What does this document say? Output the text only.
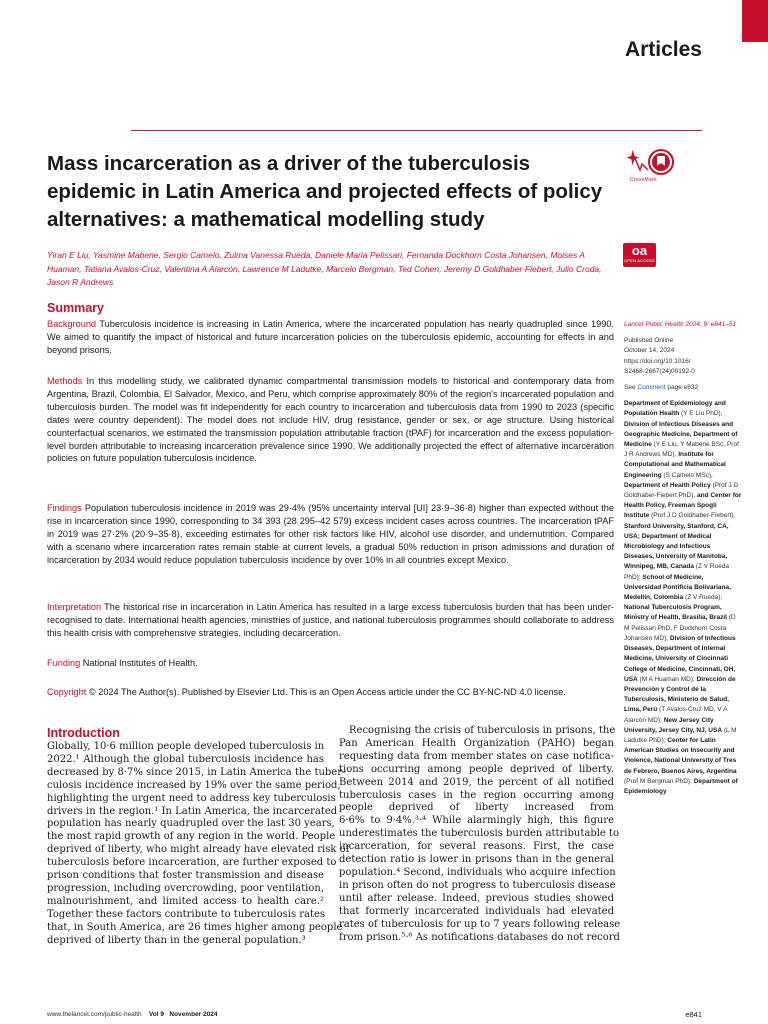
Articles
Mass incarceration as a driver of the tuberculosis epidemic in Latin America and projected effects of policy alternatives: a mathematical modelling study
CrossMark
oa
OPEN ACCESS

Yiran E Liu, Yasmine Mabene, Sergio Camelo, Zulma Vanessa Rueda, Daniele Maria Pelissari, Fernanda Dockhorn Costa Johansen, Moises A Huaman, Tatiana Avalos-Cruz, Valentina A Alarcón, Lawrence M Ladutke, Marcelo Bergman, Ted Cohen, Jeremy D Goldhaber-Fiebert, Julio Croda, Jason R Andrews

Summary

Background Tuberculosis incidence is increasing in Latin America, where the incarcerated population has nearly quadrupled since 1990. We aimed to quantify the impact of historical and future incarceration policies on the tuberculosis epidemic, accounting for effects in and beyond prisons.

Methods In this modelling study, we calibrated dynamic compartmental transmission models to historical and contemporary data from Argentina, Brazil, Colombia, El Salvador, Mexico, and Peru, which comprise approximately 80% of the region's incarcerated population and tuberculosis burden. The model was fit independently for each country to incarceration and tuberculosis data from 1990 to 2023 (specific dates were country dependent). The model does not include HIV, drug resistance, gender or sex, or age structure. Using historical counterfactual scenarios, we estimated the transmission population attributable fraction (tPAF) for incarceration and the excess population-level burden attributable to increasing incarceration prevalence since 1990. We additionally projected the effect of alternative incarceration policies on future population tuberculosis incidence.

Findings Population tuberculosis incidence in 2019 was 29·4% (95% uncertainty interval [UI] 23·9–36·8) higher than expected without the rise in incarceration since 1990, corresponding to 34 393 (28 295–42 579) excess incident cases across countries. The incarceration tPAF in 2019 was 27·2% (20·9–35·8), exceeding estimates for other risk factors like HIV, alcohol use disorder, and undernutrition. Compared with a scenario where incarceration rates remain stable at current levels, a gradual 50% reduction in prison admissions and duration of incarceration by 2034 would reduce population tuberculosis incidence by over 10% in all countries except Mexico.

Interpretation The historical rise in incarceration in Latin America has resulted in a large excess tuberculosis burden that has been under-recognised to date. International health agencies, ministries of justice, and national tuberculosis programmes should collaborate to address this health crisis with comprehensive strategies, including decarceration.

Funding National Institutes of Health.

Copyright © 2024 The Author(s). Published by Elsevier Ltd. This is an Open Access article under the CC BY-NC-ND 4.0 license.

Lancet Public Health 2024; 9: e841–51
Published Online
October 14, 2024
https://doi.org/10.1016/
S2468-2667(24)00192-0
See Comment page e832
Department of Epidemiology and Population Health (Y E Liu PhD), Division of Infectious Diseases and Geographic Medicine, Department of Medicine (Y E Liu, Y Mabene BSc, Prof J R Andrews MD), Institute for Computational and Mathematical Engineering (S Camelo MSc), Department of Health Policy (Prof J D Goldhaber-Fiebert PhD), and Center for Health Policy, Freeman Spogli Institute (Prof J D Goldhaber-Fiebert), Stanford University, Stanford, CA, USA; Department of Medical Microbiology and Infectious Diseases, University of Manitoba, Winnipeg, MB, Canada (Z V Rueda PhD); School of Medicine, Universidad Pontificia Bolivariana, Medellín, Colombia (Z V Rueda); National Tuberculosis Program, Ministry of Health, Brasilia, Brazil (D M Pelissari PhD, F Dockhorn Costa Johansen MD); Division of Infectious Diseases, Department of Internal Medicine, University of Cincinnati College of Medicine, Cincinnati, OH, USA (M A Huaman MD); Dirección de Prevención y Control de la Tuberculosis, Ministerio de Salud, Lima, Perú (T Avalos-Cruz MD, V A Alarcón MD); New Jersey City University, Jersey City, NJ, USA (L M Ladutke PhD); Center for Latin American Studies on Insecurity and Violence, National University of Tres de Febrero, Buenos Aires, Argentina (Prof M Bergman PhD); Department of Epidemiology
Introduction
Globally, 10·6 million people developed tuberculosis in
2022.¹ Although the global tuberculosis incidence has
decreased by 8·7% since 2015, in Latin America the tuber-
culosis incidence increased by 19% over the same period,
highlighting the urgent need to address key tuberculosis
drivers in the region.¹ In Latin America, the incarcerated
population has nearly quadrupled over the last 30 years,
the most rapid growth of any region in the world. People
deprived of liberty, who might already have elevated risk of
tuberculosis before incarceration, are further exposed to
prison conditions that foster transmission and disease
progression, including overcrowding, poor ventilation,
malnourishment, and limited access to health care.²
Together these factors contribute to tuberculosis rates
that, in South America, are 26 times higher among people
deprived of liberty than in the general population.³
Recognising the crisis of tuberculosis in prisons, the
Pan American Health Organization (PAHO) began
requesting data from member states on case notifica-
tions occurring among people deprived of liberty.
Between 2014 and 2019, the percent of all notified
tuberculosis cases in the region occurring among
people deprived of liberty increased from
6·6% to 9·4%.³·⁴ While alarmingly high, this figure
underestimates the tuberculosis burden attributable to
incarceration, for several reasons. First, the case
detection ratio is lower in prisons than in the general
population.⁴ Second, individuals who acquire infection
in prison often do not progress to tuberculosis disease
until after release. Indeed, previous studies showed
that formerly incarcerated individuals had elevated
rates of tuberculosis for up to 7 years following release
from prison.⁵·⁶ As notifications databases do not record
www.thelancet.com/public-health Vol 9 November 2024	e841
